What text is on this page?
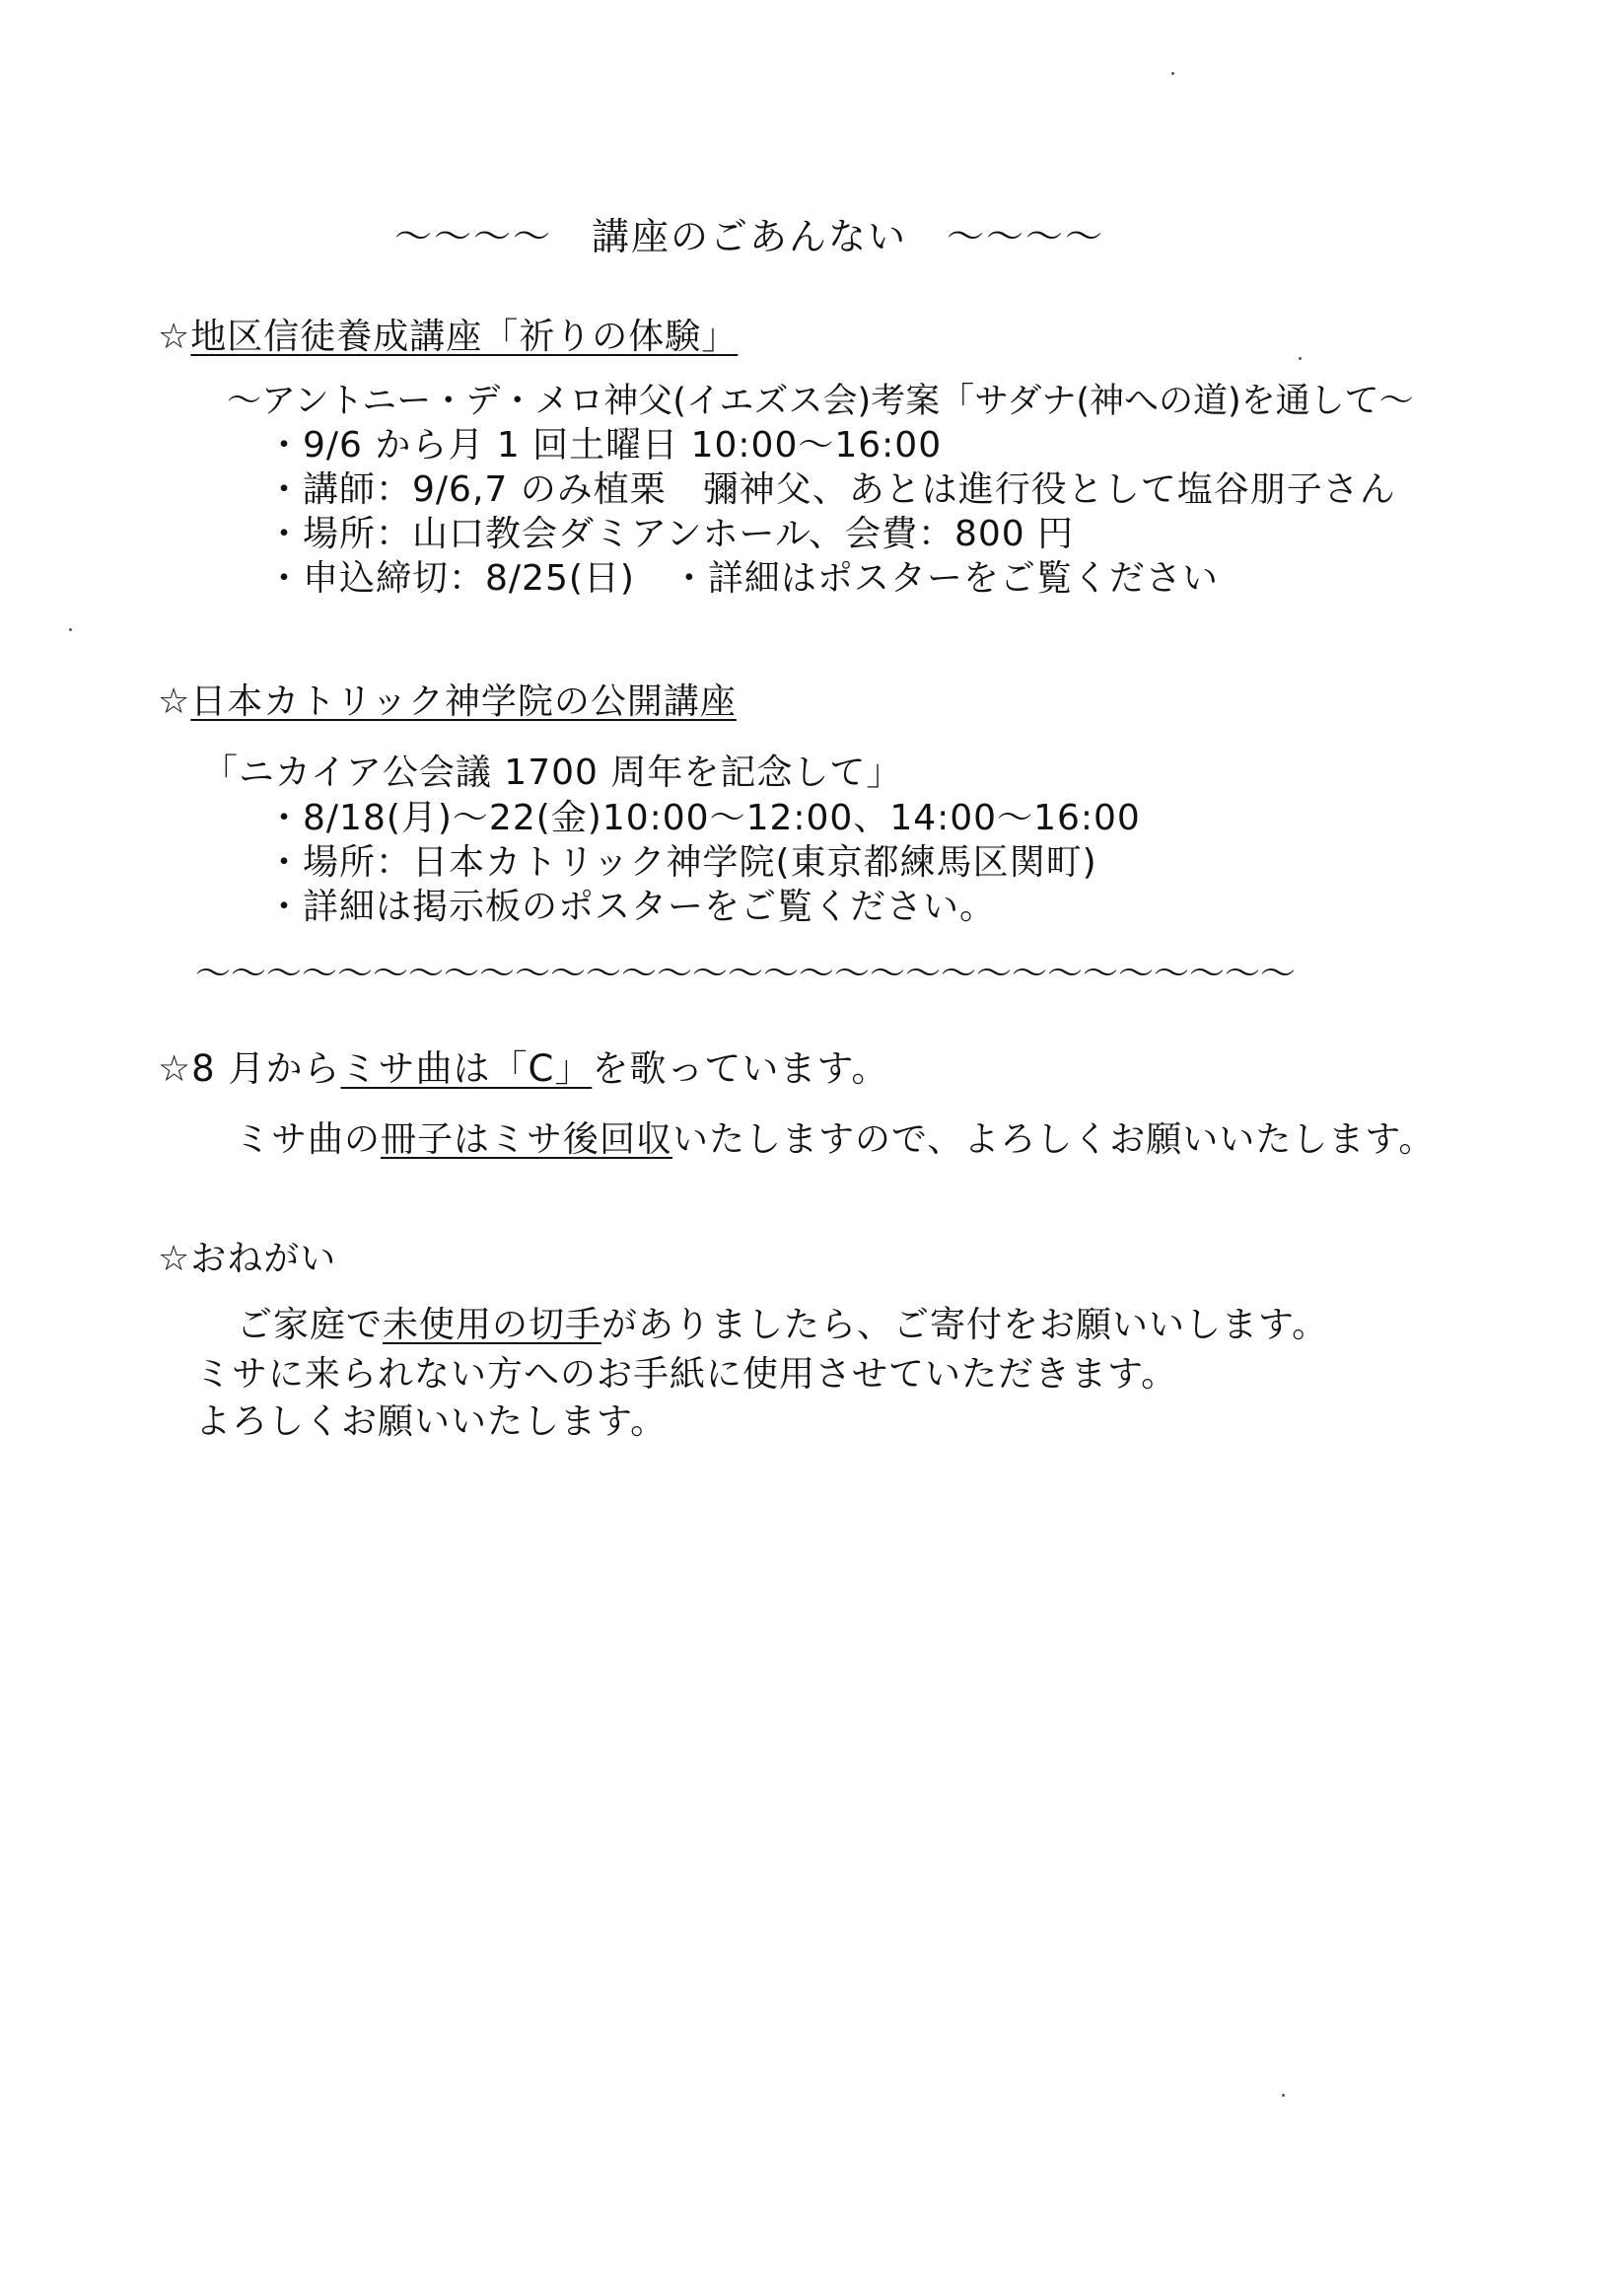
～～～～　講座のごあんない　～～～～
☆地区信徒養成講座「祈りの体験」
～アントニー・デ・メロ神父(イエズス会)考案「サダナ(神への道)を通して～
・9/6 から月 1 回土曜日 10:00～16:00
・講師：9/6,7 のみ植栗　彌神父、あとは進行役として塩谷朋子さん
・場所：山口教会ダミアンホール、会費：800 円
・申込締切：8/25(日)　・詳細はポスターをご覧ください
☆日本カトリック神学院の公開講座
「ニカイア公会議 1700 周年を記念して」
・8/18(月)～22(金)10:00～12:00、14:00～16:00
・場所：日本カトリック神学院(東京都練馬区関町)
・詳細は掲示板のポスターをご覧ください。
～～～～～～～～～～～～～～～～～～～～～～～～～～～～～～～
☆8 月からミサ曲は「C」を歌っています。
ミサ曲の冊子はミサ後回収いたしますので、よろしくお願いいたします。
☆おねがい
ご家庭で未使用の切手がありましたら、ご寄付をお願いいします。
ミサに来られない方へのお手紙に使用させていただきます。
よろしくお願いいたします。
